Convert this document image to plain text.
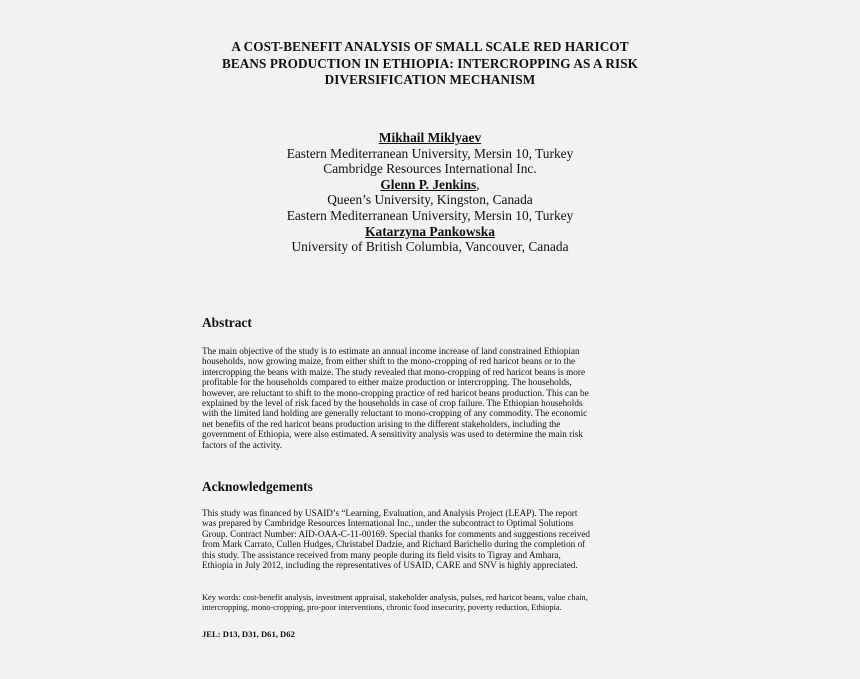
A COST-BENEFIT ANALYSIS OF SMALL SCALE RED HARICOT
BEANS PRODUCTION IN ETHIOPIA: INTERCROPPING AS A RISK
DIVERSIFICATION MECHANISM
Mikhail Miklyaev
Eastern Mediterranean University, Mersin 10, Turkey
Cambridge Resources International Inc.
Glenn P. Jenkins,
Queen’s University, Kingston, Canada
Eastern Mediterranean University, Mersin 10, Turkey
Katarzyna Pankowska
University of British Columbia, Vancouver, Canada
Abstract
The main objective of the study is to estimate an annual income increase of land constrained Ethiopian
households, now growing maize, from either shift to the mono-cropping of red haricot beans or to the
intercropping the beans with maize. The study revealed that mono-cropping of red haricot beans is more
profitable for the households compared to either maize production or intercropping. The households,
however, are reluctant to shift to the mono-cropping practice of red haricot beans production. This can be
explained by the level of risk faced by the households in case of crop failure. The Ethiopian households
with the limited land holding are generally reluctant to mono-cropping of any commodity. The economic
net benefits of the red haricot beans production arising to the different stakeholders, including the
government of Ethiopia, were also estimated. A sensitivity analysis was used to determine the main risk
factors of the activity.
Acknowledgements
This study was financed by USAID’s “Learning, Evaluation, and Analysis Project (LEAP). The report
was prepared by Cambridge Resources International Inc., under the subcontract to Optimal Solutions
Group. Contract Number: AID-OAA-C-11-00169. Special thanks for comments and suggestions received
from Mark Carrato, Cullen Hudges, Christabel Dadzie, and Richard Barichello during the completion of
this study. The assistance received from many people during its field visits to Tigray and Amhara,
Ethiopia in July 2012, including the representatives of USAID, CARE and SNV is highly appreciated.
Key words: cost-benefit analysis, investment appraisal, stakeholder analysis, pulses, red haricot beans, value chain,
intercropping, mono-cropping, pro-poor interventions, chronic food insecurity, poverty reduction, Ethiopia.
JEL: D13, D31, D61, D62
